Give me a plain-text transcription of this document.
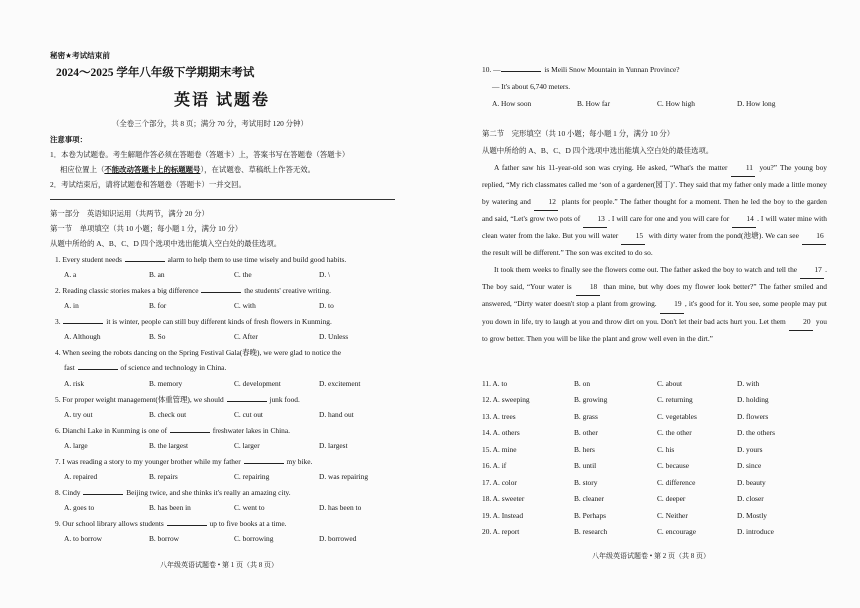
秘密★考试结束前
2024～2025 学年八年级下学期期末考试
英语 试题卷
（全卷三个部分，共 8 页；满分 70 分，考试用时 120 分钟）
注意事项：
1．本卷为试题卷。考生解题作答必须在答题卷（答题卡）上，答案书写在答题卷（答题卡）
相应位置上（不能改动答题卡上的标题题号），在试题卷、草稿纸上作答无效。
2．考试结束后，请将试题卷和答题卷（答题卡）一并交回。
第一部分　英语知识运用（共两节，满分 20 分）
第一节　单项填空（共 10 小题；每小题 1 分，满分 10 分）
从题中所给的 A、B、C、D 四个选项中选出能填入空白处的最佳选项。
1. Every student needs	alarm to help them to use time wisely and build good habits.
A. a	B. an	C. the	D. \
2. Reading classic stories makes a big difference	the students' creative writing.
A. in	B. for	C. with	D. to
3.	it is winter, people can still buy different kinds of fresh flowers in Kunming.
A. Although	B. So	C. After	D. Unless
4. When seeing the robots dancing on the Spring Festival Gala(春晚), we were glad to notice the
fast	of science and technology in China.
A. risk	B. memory	C. development	D. excitement
5. For proper weight management(体重管理), we should	junk food.
A. try out	B. check out	C. cut out	D. hand out
6. Dianchi Lake in Kunming is one of	freshwater lakes in China.
A. large	B. the largest	C. larger	D. largest
7. I was reading a story to my younger brother while my father	my bike.
A. repaired	B. repairs	C. repairing	D. was repairing
8. Cindy	Beijing twice, and she thinks it's really an amazing city.
A. goes to	B. has been in	C. went to	D. has been to
9. Our school library allows students	up to five books at a time.
A. to borrow	B. borrow	C. borrowing	D. borrowed
八年级英语试题卷 • 第 1 页（共 8 页）
10. —	is Meili Snow Mountain in Yunnan Province?
— It's about 6,740 meters.
A. How soon	B. How far	C. How high	D. How long
第二节　完形填空（共 10 小题；每小题 1 分，满分 10 分）
从题中所给的 A、B、C、D 四个选项中选出能填入空白处的最佳选项。

A father saw his 11-year-old son was crying. He asked, “What's the matter 11 you?” The young boy replied, “My rich classmates called me ‘son of a gardener(园丁)’. They said that my father only made a little money by watering and 12 plants for people.” The father thought for a moment. Then he led the boy to the garden and said, “Let's grow two pots of 13 . I will care for one and you will care for 14 . I will water mine with clean water from the lake. But you will water 15 with dirty water from the pond(池塘). We can see 16 the result will be different.” The son was excited to do so.

It took them weeks to finally see the flowers come out. The father asked the boy to watch and tell the 17 . The boy said, “Your water is 18 than mine, but why does my flower look better?” The father smiled and answered, “Dirty water doesn't stop a plant from growing. 19 , it's good for it. You see, some people may put you down in life, try to laugh at you and throw dirt on you. Don't let their bad acts hurt you. Let them 20 you to grow better. Then you will be like the plant and grow well even in the dirt.”

11. A. to	B. on	C. about	D. with
12. A. sweeping	B. growing	C. returning	D. holding
13. A. trees	B. grass	C. vegetables	D. flowers
14. A. others	B. other	C. the other	D. the others
15. A. mine	B. hers	C. his	D. yours
16. A. if	B. until	C. because	D. since
17. A. color	B. story	C. difference	D. beauty
18. A. sweeter	B. cleaner	C. deeper	D. closer
19. A. Instead	B. Perhaps	C. Neither	D. Mostly
20. A. report	B. research	C. encourage	D. introduce
八年级英语试题卷 • 第 2 页（共 8 页）
